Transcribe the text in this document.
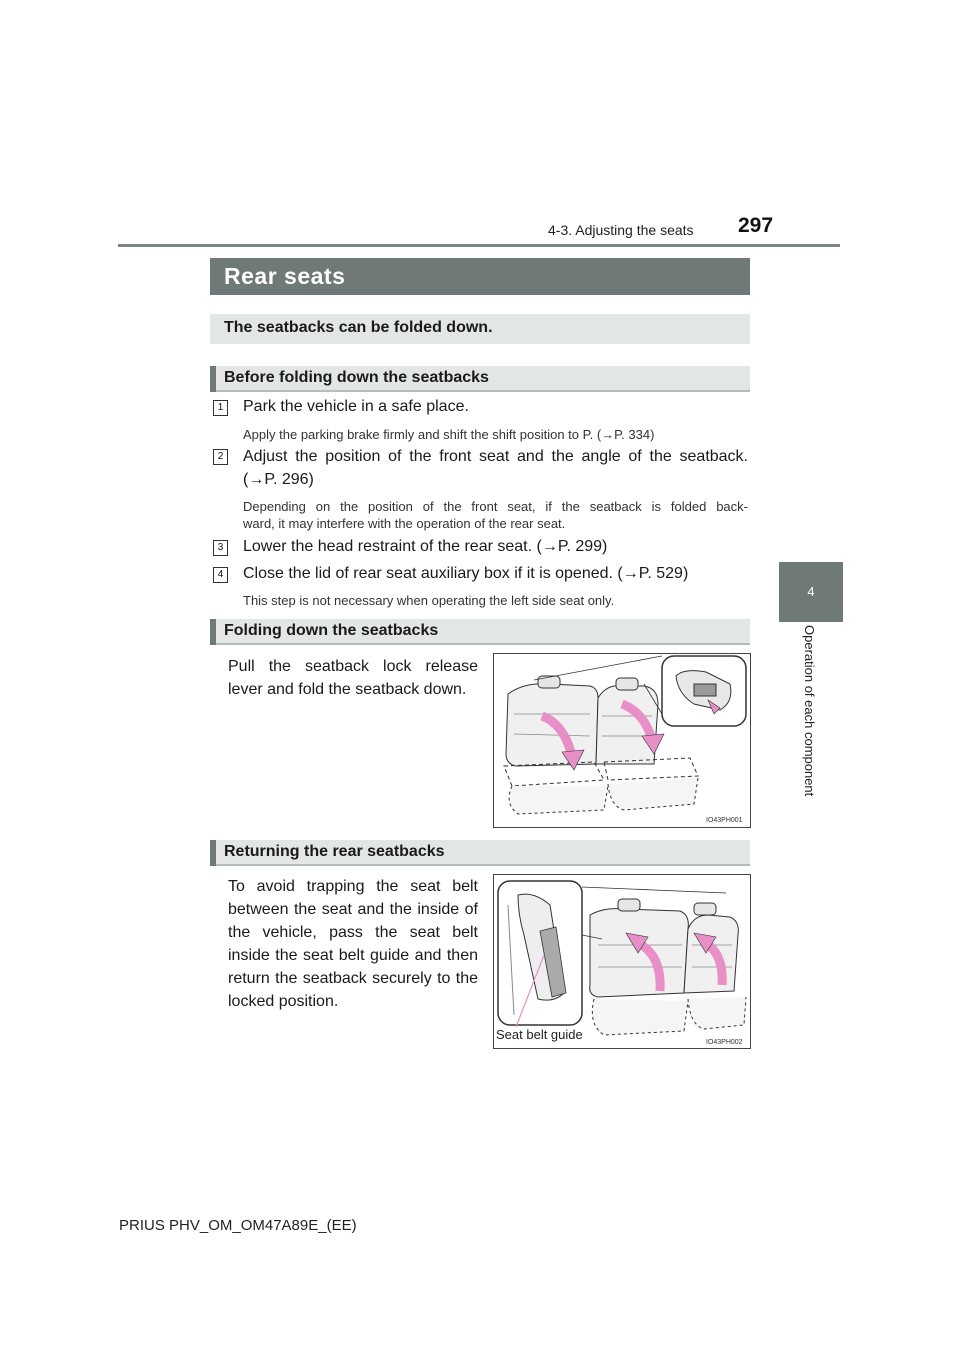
4-3. Adjusting the seats 297
4
Operation of each component
Rear seats
The seatbacks can be folded down.
Before folding down the seatbacks
1 Park the vehicle in a safe place.
Apply the parking brake firmly and shift the shift position to P. (→P. 334)
2 Adjust the position of the front seat and the angle of the seatback.
(→P. 296)
Depending on the position of the front seat, if the seatback is folded back-
ward, it may interfere with the operation of the rear seat.
3 Lower the head restraint of the rear seat. (→P. 299)
4 Close the lid of rear seat auxiliary box if it is opened. (→P. 529)
This step is not necessary when operating the left side seat only.
Folding down the seatbacks
Pull the seatback lock release lever and fold the seatback down.
IO43PH001
Returning the rear seatbacks
To avoid trapping the seat belt between the seat and the inside of the vehicle, pass the seat belt inside the seat belt guide and then return the seatback securely to the locked position.
Seat belt guide
IO43PH002
PRIUS PHV_OM_OM47A89E_(EE)
